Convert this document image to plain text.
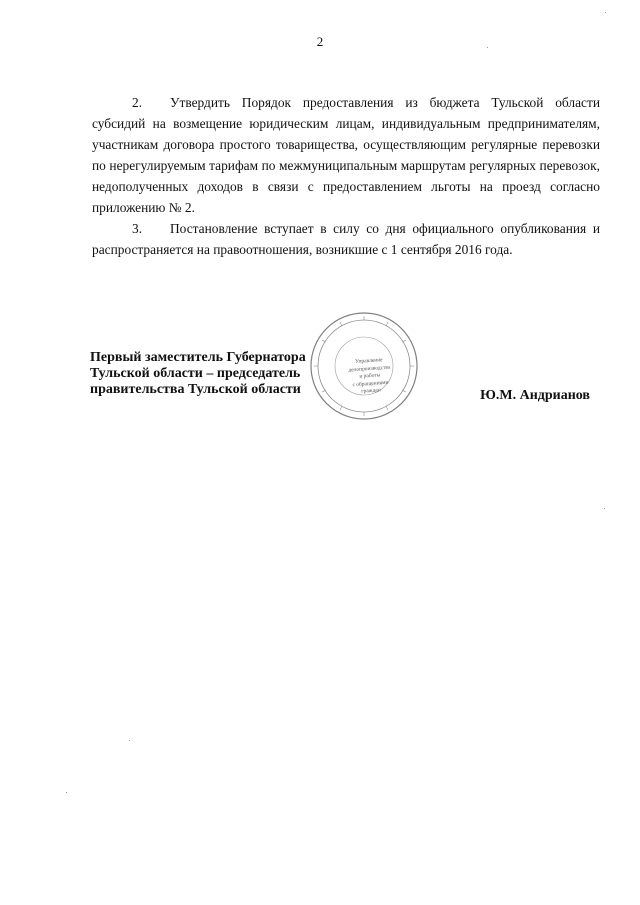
2

2. Утвердить Порядок предоставления из бюджета Тульской области субсидий на возмещение юридическим лицам, индивидуальным предпринимателям, участникам договора простого товарищества, осуществляющим регулярные перевозки по нерегулируемым тарифам по межмуниципальным маршрутам регулярных перевозок, недополученных доходов в связи с предоставлением льготы на проезд согласно приложению № 2.

3. Постановление вступает в силу со дня официального опубликования и распространяется на правоотношения, возникшие с 1 сентября 2016 года.

Управление
делопроизводства
и работы
с обращениями
граждан
Первый заместитель Губернатора
Тульской области – председатель
правительства Тульской области	Ю.М. Андрианов
